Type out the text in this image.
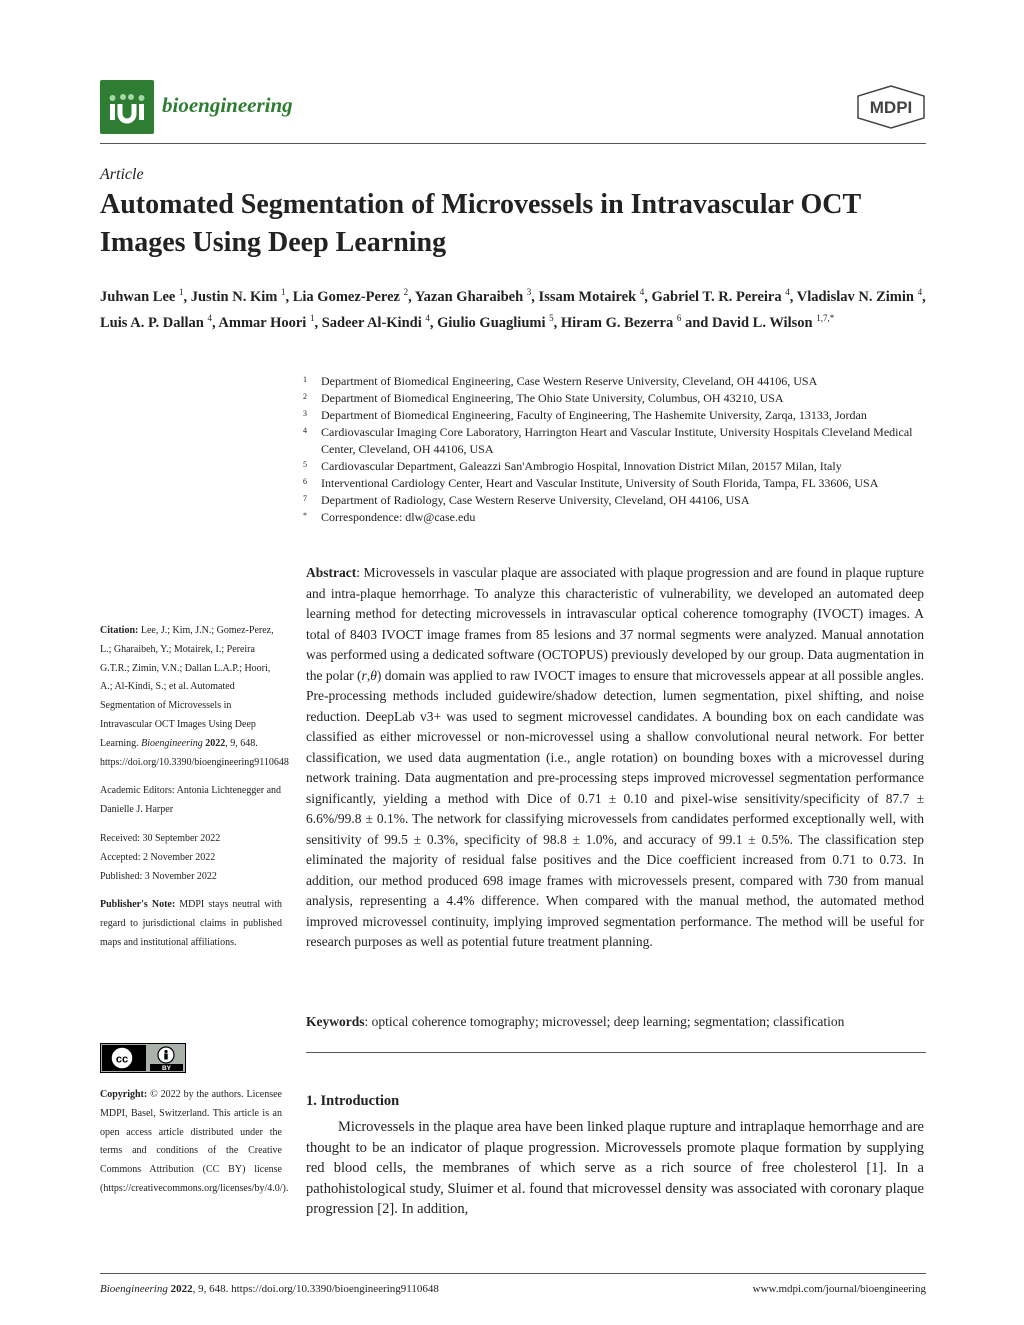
bioengineering	MDPI
Article
Automated Segmentation of Microvessels in Intravascular OCT Images Using Deep Learning
Juhwan Lee $^1$, Justin N. Kim $^1$, Lia Gomez-Perez $^2$, Yazan Gharaibeh $^3$, Issam Motairek $^4$, Gabriel T. R. Pereira $^4$, Vladislav N. Zimin $^4$, Luis A. P. Dallan $^4$, Ammar Hoori $^1$, Sadeer Al-Kindi $^4$, Giulio Guagliumi $^5$, Hiram G. Bezerra $^6$ and David L. Wilson $^{1,7,*}$
1	Department of Biomedical Engineering, Case Western Reserve University, Cleveland, OH 44106, USA
2	Department of Biomedical Engineering, The Ohio State University, Columbus, OH 43210, USA
3	Department of Biomedical Engineering, Faculty of Engineering, The Hashemite University, Zarqa, 13133, Jordan
4	Cardiovascular Imaging Core Laboratory, Harrington Heart and Vascular Institute, University Hospitals Cleveland Medical Center, Cleveland, OH 44106, USA
5	Cardiovascular Department, Galeazzi San'Ambrogio Hospital, Innovation District Milan, 20157 Milan, Italy
6	Interventional Cardiology Center, Heart and Vascular Institute, University of South Florida, Tampa, FL 33606, USA
7	Department of Radiology, Case Western Reserve University, Cleveland, OH 44106, USA
*	Correspondence: dlw@case.edu
Abstract: Microvessels in vascular plaque are associated with plaque progression and are found in plaque rupture and intra-plaque hemorrhage. To analyze this characteristic of vulnerability, we developed an automated deep learning method for detecting microvessels in intravascular optical coherence tomography (IVOCT) images. A total of 8403 IVOCT image frames from 85 lesions and 37 normal segments were analyzed. Manual annotation was performed using a dedicated software (OCTOPUS) previously developed by our group. Data augmentation in the polar (r,θ) domain was applied to raw IVOCT images to ensure that microvessels appear at all possible angles. Pre-processing methods included guidewire/shadow detection, lumen segmentation, pixel shifting, and noise reduction. DeepLab v3+ was used to segment microvessel candidates. A bounding box on each candidate was classified as either microvessel or non-microvessel using a shallow convolutional neural network. For better classification, we used data augmentation (i.e., angle rotation) on bounding boxes with a microvessel during network training. Data augmentation and pre-processing steps improved microvessel segmentation performance significantly, yielding a method with Dice of 0.71 ± 0.10 and pixel-wise sensitivity/specificity of 87.7 ± 6.6%/99.8 ± 0.1%. The network for classifying microvessels from candidates performed exceptionally well, with sensitivity of 99.5 ± 0.3%, specificity of 98.8 ± 1.0%, and accuracy of 99.1 ± 0.5%. The classification step eliminated the majority of residual false positives and the Dice coefficient increased from 0.71 to 0.73. In addition, our method produced 698 image frames with microvessels present, compared with 730 from manual analysis, representing a 4.4% difference. When compared with the manual method, the automated method improved microvessel continuity, implying improved segmentation performance. The method will be useful for research purposes as well as potential future treatment planning.
Keywords: optical coherence tomography; microvessel; deep learning; segmentation; classification
1. Introduction
Microvessels in the plaque area have been linked plaque rupture and intraplaque hemorrhage and are thought to be an indicator of plaque progression. Microvessels promote plaque formation by supplying red blood cells, the membranes of which serve as a rich source of free cholesterol [1]. In a pathohistological study, Sluimer et al. found that microvessel density was associated with coronary plaque progression [2]. In addition,

Citation: Lee, J.; Kim, J.N.; Gomez-Perez, L.; Gharaibeh, Y.; Motairek, I.; Pereira G.T.R.; Zimin, V.N.; Dallan L.A.P.; Hoori, A.; Al-Kindi, S.; et al. Automated Segmentation of Microvessels in Intravascular OCT Images Using Deep Learning. Bioengineering 2022, 9, 648. https://doi.org/10.3390/bioengineering9110648

Academic Editors: Antonia Lichtenegger and Danielle J. Harper

Received: 30 September 2022

Accepted: 2 November 2022

Published: 3 November 2022

Publisher's Note: MDPI stays neutral with regard to jurisdictional claims in published maps and institutional affiliations.

cc
BY
Copyright: © 2022 by the authors. Licensee MDPI, Basel, Switzerland. This article is an open access article distributed under the terms and conditions of the Creative Commons Attribution (CC BY) license (https://creativecommons.org/licenses/by/4.0/).
Bioengineering 2022, 9, 648. https://doi.org/10.3390/bioengineering9110648	www.mdpi.com/journal/bioengineering
